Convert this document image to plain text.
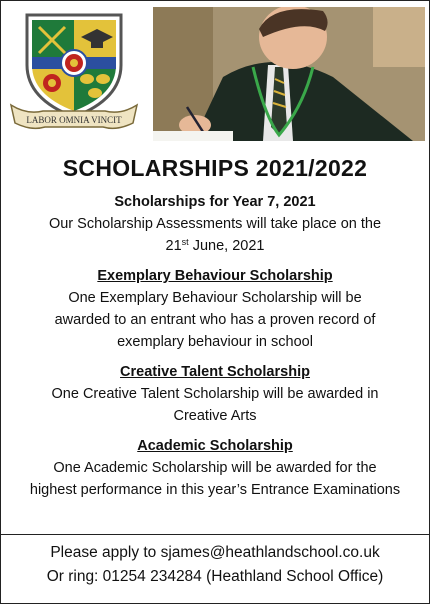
LABOR OMNIA VINCIT
SCHOLARSHIPS 2021/2022
Scholarships for Year 7, 2021
Our Scholarship Assessments will take place on the
21st June, 2021
Exemplary Behaviour Scholarship
One Exemplary Behaviour Scholarship will be
awarded to an entrant who has a proven record of
exemplary behaviour in school
Creative Talent Scholarship
One Creative Talent Scholarship will be awarded in
Creative Arts
Academic Scholarship
One Academic Scholarship will be awarded for the
highest performance in this year’s Entrance Examinations
Please apply to sjames@heathlandschool.co.uk
Or ring: 01254 234284 (Heathland School Office)
